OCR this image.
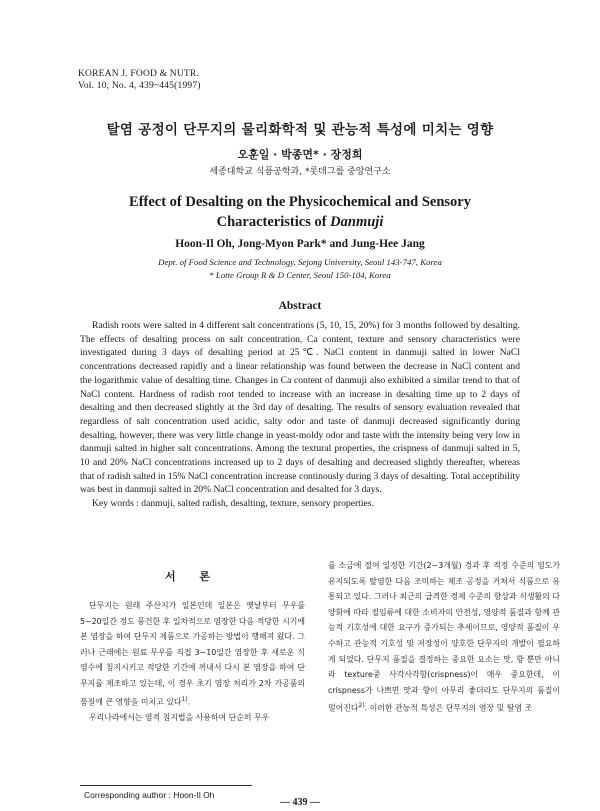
KOREAN J. FOOD & NUTR.
Vol. 10, No. 4, 439~445(1997)
탈염 공정이 단무지의 물리화학적 및 관능적 특성에 미치는 영향
오훈일 · 박종면* · 장정희
세종대학교 식품공학과, *롯데그룹 중앙연구소
Effect of Desalting on the Physicochemical and Sensory
Characteristics of Danmuji
Hoon-Il Oh, Jong-Myon Park* and Jung-Hee Jang
Dept. of Food Science and Technology, Sejong University, Seoul 143-747, Korea
* Lotte Group R & D Center, Seoul 150-104, Korea
Abstract

Radish roots were salted in 4 different salt concentrations (5, 10, 15, 20%) for 3 months followed by desalting. The effects of desalting process on salt concentration, Ca content, texture and sensory characteristics were investigated during 3 days of desalting period at 25℃. NaCl content in danmuji salted in lower NaCl concentrations decreased rapidly and a linear relationship was found between the decrease in NaCl content and the logarithmic value of desalting time. Changes in Ca content of danmuji also exhibited a similar trend to that of NaCl content. Hardness of radish root tended to increase with an increase in desalting time up to 2 days of desalting and then decreased slightly at the 3rd day of desalting. The results of sensory evaluation revealed that regardless of salt concentration used acidic, salty odor and taste of danmuji decreased significantly during desalting, however, there was very little change in yeast-moldy odor and taste with the intensity being very low in danmuji salted in higher salt concentrations. Among the textural properties, the crispness of danmuji salted in 5, 10 and 20% NaCl concentrations increased up to 2 days of desalting and decreased slightly thereafter, whereas that of radish salted in 15% NaCl concentration increase continously during 3 days of desalting. Total acceptibility was best in danmuji salted in 20% NaCl concentration and desalted for 3 days.

Key words : danmuji, salted radish, desalting, texture, sensory properties.

서 론

단무지는 원래 주산지가 일본인데 일본은 옛날부터 무우를 5~20일간 정도 풍건한 후 일차적으로 염장한 다음 적당한 시기에 본 염장을 하여 단무지 제품으로 가공하는 방법이 행해져 왔다. 그러나 근래에는 원료 무우를 직접 3~10일간 염장한 후 새로운 식염수에 침지시키고 적당한 기간에 꺼내서 다시 본 염장을 하여 단무지를 제조하고 있는데, 이 경우 초기 염장 처리가 2차 가공품의 품질에 큰 영향을 미치고 있다$^{1)}$.

우리나라에서는 염적 침지법을 사용하여 단순히 무우

를 소금에 절여 일정한 기간(2~3개월) 경과 후 적정 수준의 염도가 유지되도록 탈염한 다음 조미하는 제조 공정을 거쳐서 식품으로 유통되고 있다. 그러나 최근의 급격한 경제 수준의 향상과 식생활의 다양화에 따라 절임류에 대한 소비자의 안전성, 영양적 품질과 함께 관능적 기호성에 대한 요구가 증가되는 추세이므로, 영양적 품질이 우수하고 관능적 기호성 및 저장성이 양호한 단무지의 개발이 필요하게 되었다. 단무지 품질을 결정하는 중요한 요소는 맛, 향 뿐만 아니라 texture중 사각사각함(crispness)이 매우 중요한데, 이 crispness가 나쁘면 맛과 향이 아무리 좋더라도 단무지의 품질이 떨어진다$^{2)}$. 이러한 관능적 특성은 단무지의 염장 및 탈염 조

Corresponding author : Hoon-Il Oh
— 439 —
